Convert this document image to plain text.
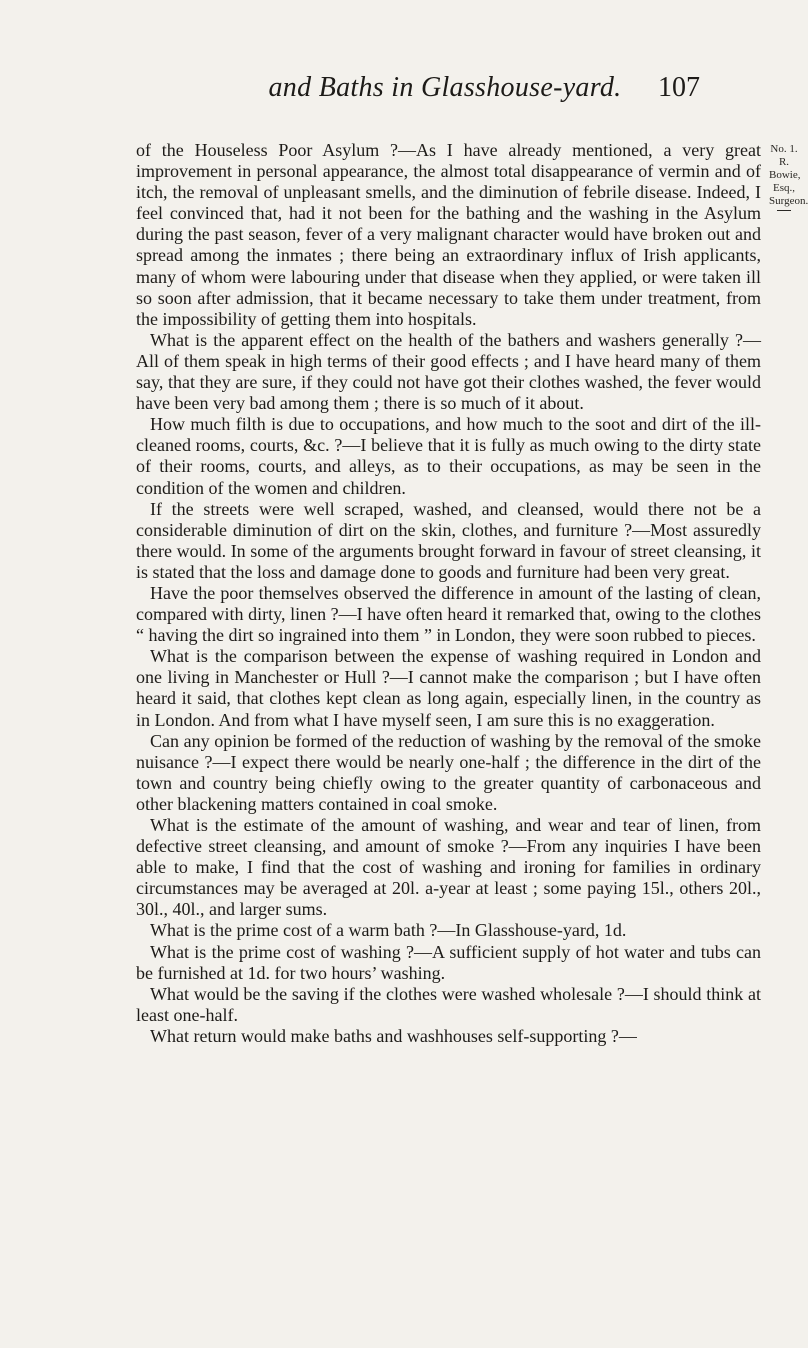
and Baths in Glasshouse-yard.	107
No. 1.
R. Bowie,
Esq.,
Surgeon.

of the Houseless Poor Asylum ?—As I have already mentioned, a very great improvement in personal appearance, the almost total disappearance of vermin and of itch, the removal of unpleasant smells, and the diminution of febrile disease. Indeed, I feel convinced that, had it not been for the bathing and the washing in the Asylum during the past season, fever of a very malignant character would have broken out and spread among the inmates ; there being an extraordinary influx of Irish applicants, many of whom were labouring under that disease when they applied, or were taken ill so soon after admission, that it became necessary to take them under treatment, from the impossibility of getting them into hospitals.

What is the apparent effect on the health of the bathers and washers generally ?—All of them speak in high terms of their good effects ; and I have heard many of them say, that they are sure, if they could not have got their clothes washed, the fever would have been very bad among them ; there is so much of it about.

How much filth is due to occupations, and how much to the soot and dirt of the ill-cleaned rooms, courts, &c. ?—I believe that it is fully as much owing to the dirty state of their rooms, courts, and alleys, as to their occupations, as may be seen in the condition of the women and children.

If the streets were well scraped, washed, and cleansed, would there not be a considerable diminution of dirt on the skin, clothes, and furniture ?—Most assuredly there would. In some of the arguments brought forward in favour of street cleansing, it is stated that the loss and damage done to goods and furniture had been very great.

Have the poor themselves observed the difference in amount of the lasting of clean, compared with dirty, linen ?—I have often heard it remarked that, owing to the clothes “ having the dirt so ingrained into them ” in London, they were soon rubbed to pieces.

What is the comparison between the expense of washing required in London and one living in Manchester or Hull ?—I cannot make the comparison ; but I have often heard it said, that clothes kept clean as long again, especially linen, in the country as in London. And from what I have myself seen, I am sure this is no exaggeration.

Can any opinion be formed of the reduction of washing by the removal of the smoke nuisance ?—I expect there would be nearly one-half ; the difference in the dirt of the town and country being chiefly owing to the greater quantity of carbonaceous and other blackening matters contained in coal smoke.

What is the estimate of the amount of washing, and wear and tear of linen, from defective street cleansing, and amount of smoke ?—From any inquiries I have been able to make, I find that the cost of washing and ironing for families in ordinary circumstances may be averaged at 20l. a-year at least ; some paying 15l., others 20l., 30l., 40l., and larger sums.

What is the prime cost of a warm bath ?—In Glasshouse-yard, 1d.

What is the prime cost of washing ?—A sufficient supply of hot water and tubs can be furnished at 1d. for two hours’ washing.

What would be the saving if the clothes were washed wholesale ?—I should think at least one-half.

What return would make baths and washhouses self-supporting ?—
